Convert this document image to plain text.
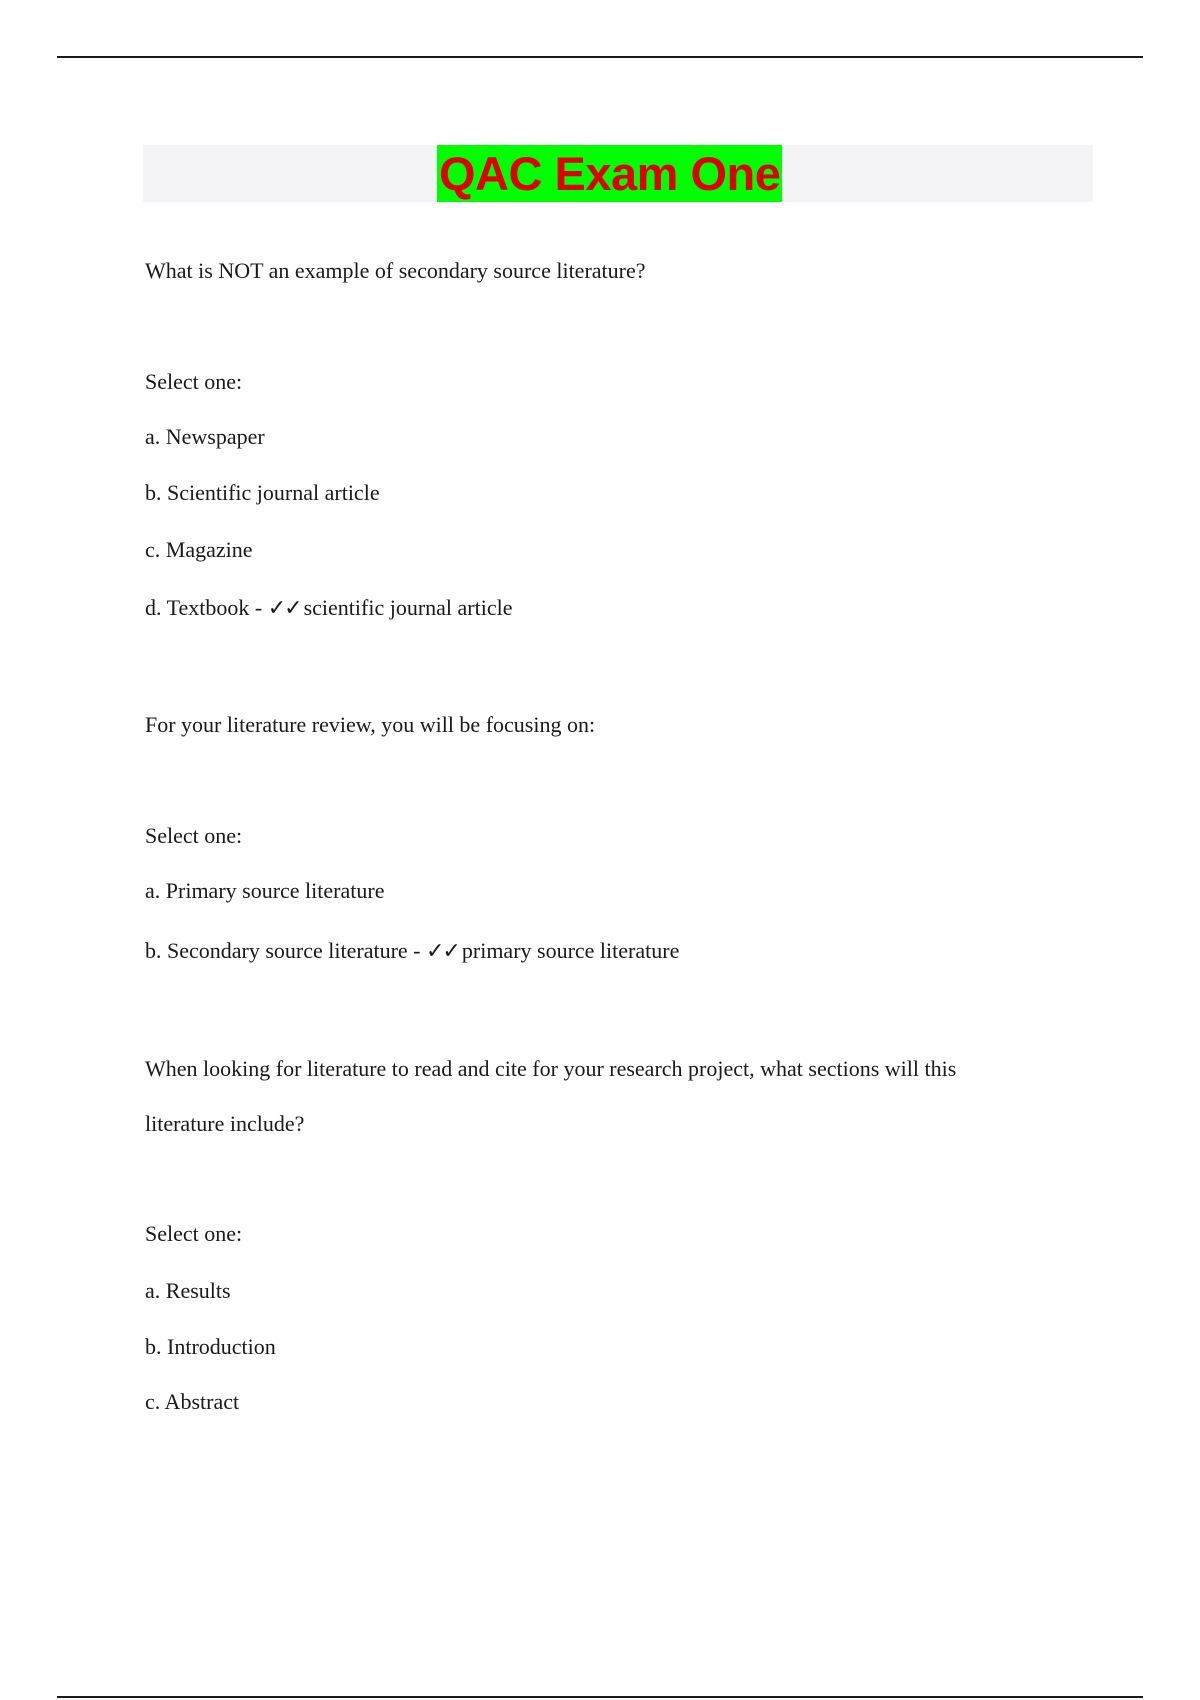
QAC Exam One
What is NOT an example of secondary source literature?
Select one:
a. Newspaper
b. Scientific journal article
c. Magazine
d. Textbook - ✓✓ scientific journal article
For your literature review, you will be focusing on:
Select one:
a. Primary source literature
b. Secondary source literature - ✓✓ primary source literature
When looking for literature to read and cite for your research project, what sections will this
literature include?
Select one:
a. Results
b. Introduction
c. Abstract
